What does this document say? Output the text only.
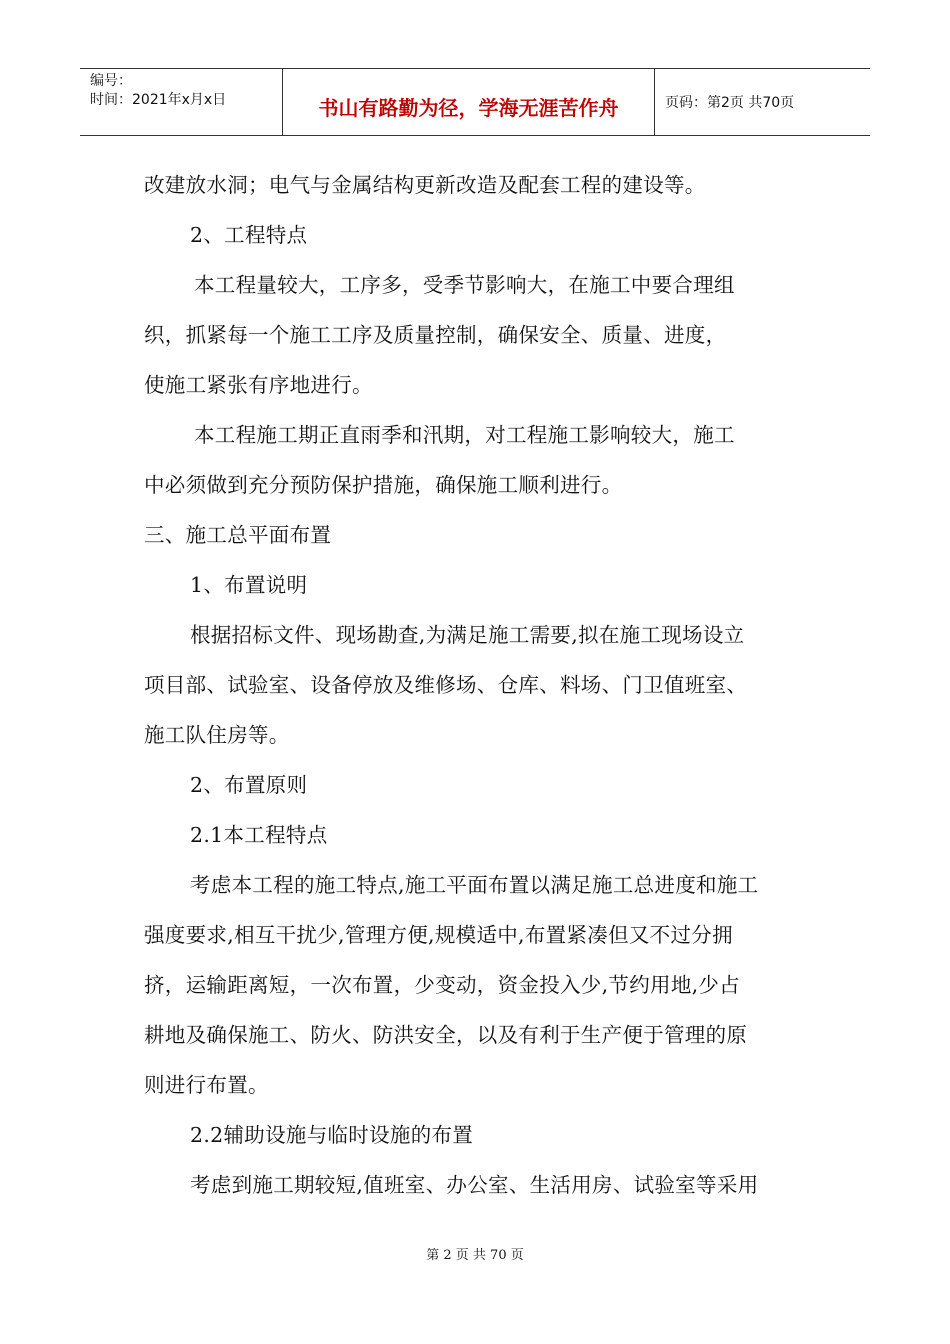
编号：
时间：2021年x月x日	书山有路勤为径，学海无涯苦作舟	页码：第2页 共70页
改建放水洞；电气与金属结构更新改造及配套工程的建设等。
2、工程特点
本工程量较大，工序多，受季节影响大，在施工中要合理组
织，抓紧每一个施工工序及质量控制，确保安全、质量、进度，
使施工紧张有序地进行。
本工程施工期正直雨季和汛期，对工程施工影响较大，施工
中必须做到充分预防保护措施，确保施工顺利进行。
三、施工总平面布置
1、布置说明
根据招标文件、现场勘查,为满足施工需要,拟在施工现场设立
项目部、试验室、设备停放及维修场、仓库、料场、门卫值班室、
施工队住房等。
2、布置原则
2.1本工程特点
考虑本工程的施工特点,施工平面布置以满足施工总进度和施工
强度要求,相互干扰少,管理方便,规模适中,布置紧凑但又不过分拥
挤，运输距离短，一次布置，少变动，资金投入少,节约用地,少占
耕地及确保施工、防火、防洪安全，以及有利于生产便于管理的原
则进行布置。
2.2辅助设施与临时设施的布置
考虑到施工期较短,值班室、办公室、生活用房、试验室等采用
第 2 页 共 70 页
